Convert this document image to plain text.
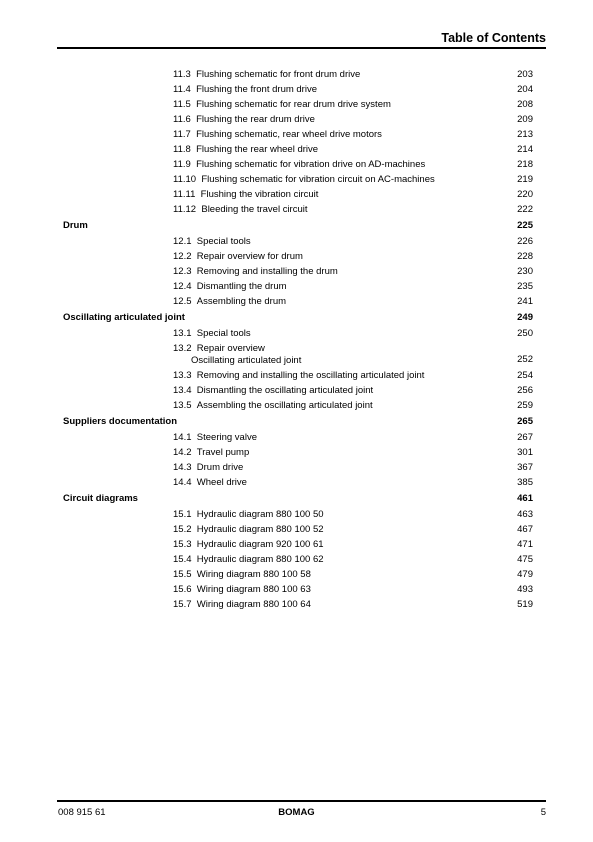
Table of Contents
11.3 Flushing schematic for front drum drive	203
11.4 Flushing the front drum drive	204
11.5 Flushing schematic for rear drum drive system	208
11.6 Flushing the rear drum drive	209
11.7 Flushing schematic, rear wheel drive motors	213
11.8 Flushing the rear wheel drive	214
11.9 Flushing schematic for vibration drive on AD-machines	218
11.10 Flushing schematic for vibration circuit on AC-machines	219
11.11 Flushing the vibration circuit	220
11.12 Bleeding the travel circuit	222
Drum	225
12.1 Special tools	226
12.2 Repair overview for drum	228
12.3 Removing and installing the drum	230
12.4 Dismantling the drum	235
12.5 Assembling the drum	241
Oscillating articulated joint	249
13.1 Special tools	250
13.2 Repair overview
Oscillating articulated joint	252
13.3 Removing and installing the oscillating articulated joint	254
13.4 Dismantling the oscillating articulated joint	256
13.5 Assembling the oscillating articulated joint	259
Suppliers documentation	265
14.1 Steering valve	267
14.2 Travel pump	301
14.3 Drum drive	367
14.4 Wheel drive	385
Circuit diagrams	461
15.1 Hydraulic diagram 880 100 50	463
15.2 Hydraulic diagram 880 100 52	467
15.3 Hydraulic diagram 920 100 61	471
15.4 Hydraulic diagram 880 100 62	475
15.5 Wiring diagram 880 100 58	479
15.6 Wiring diagram 880 100 63	493
15.7 Wiring diagram 880 100 64	519
008 915 61	BOMAG	5
